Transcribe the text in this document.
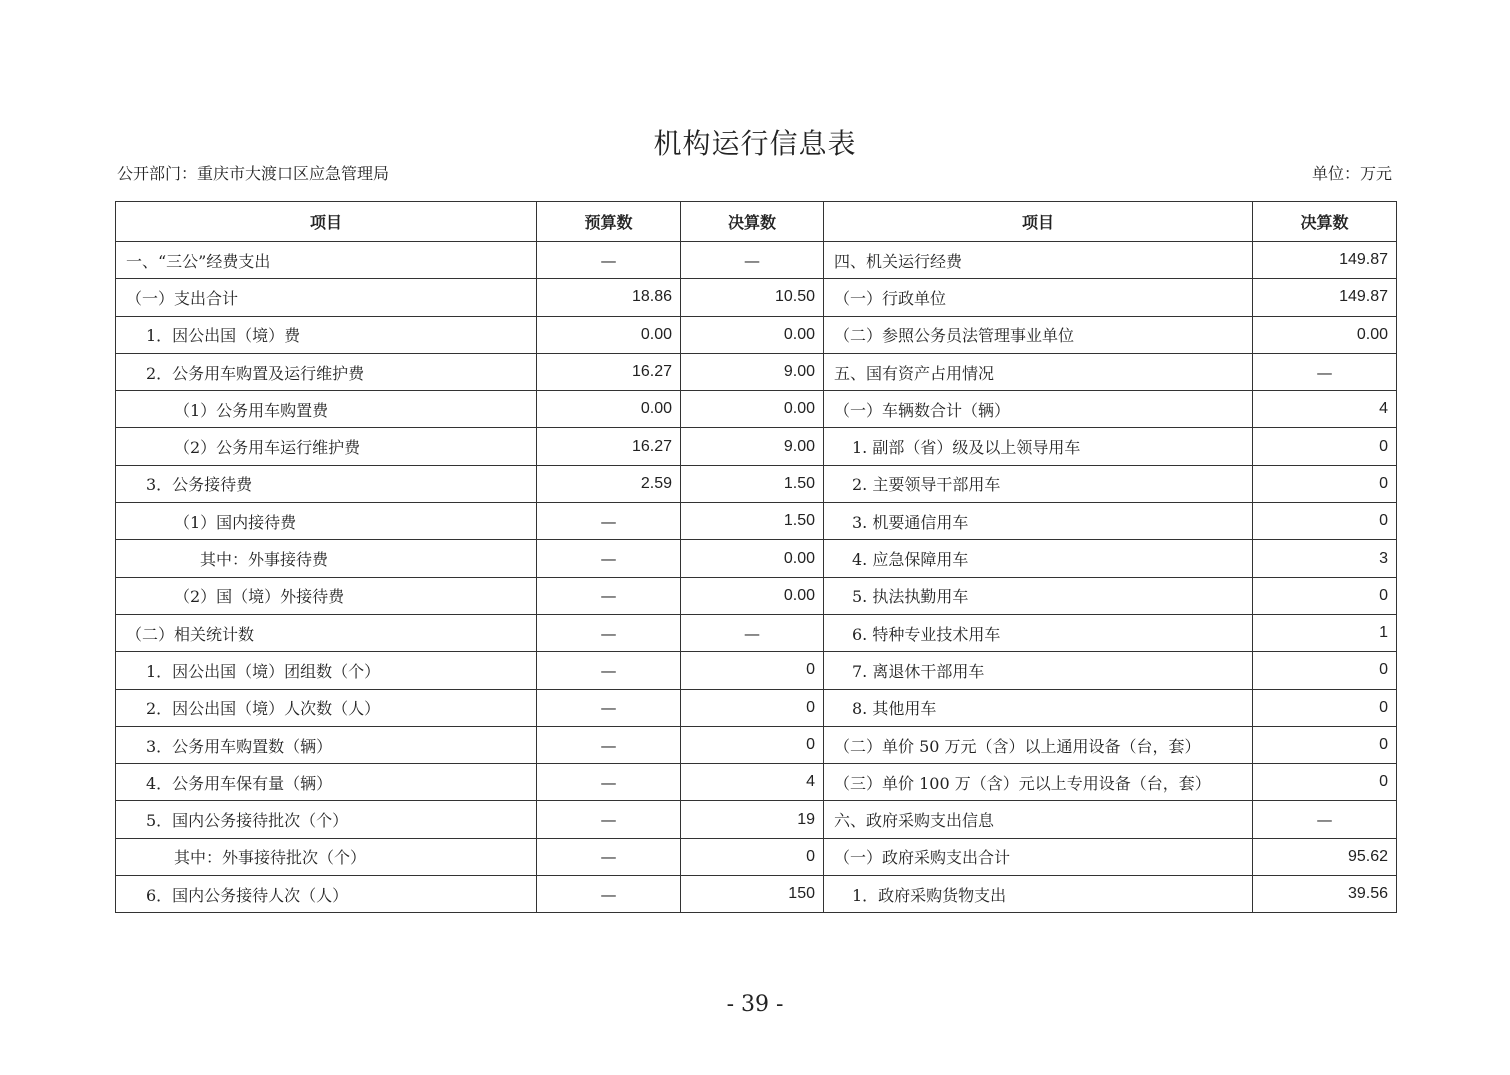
机构运行信息表
公开部门：重庆市大渡口区应急管理局	单位：万元
项目	预算数	决算数	项目	决算数
一、“三公”经费支出	—	—	四、机关运行经费	149.87
（一）支出合计	18.86	10.50	（一）行政单位	149.87
1．因公出国（境）费	0.00	0.00	（二）参照公务员法管理事业单位	0.00
2．公务用车购置及运行维护费	16.27	9.00	五、国有资产占用情况	—
（1）公务用车购置费	0.00	0.00	（一）车辆数合计（辆）	4
（2）公务用车运行维护费	16.27	9.00	1. 副部（省）级及以上领导用车	0
3．公务接待费	2.59	1.50	2. 主要领导干部用车	0
（1）国内接待费	—	1.50	3. 机要通信用车	0
其中：外事接待费	—	0.00	4. 应急保障用车	3
（2）国（境）外接待费	—	0.00	5. 执法执勤用车	0
（二）相关统计数	—	—	6. 特种专业技术用车	1
1．因公出国（境）团组数（个）	—	0	7. 离退休干部用车	0
2．因公出国（境）人次数（人）	—	0	8. 其他用车	0
3．公务用车购置数（辆）	—	0	（二）单价 50 万元（含）以上通用设备（台，套）	0
4．公务用车保有量（辆）	—	4	（三）单价 100 万（含）元以上专用设备（台，套）	0
5．国内公务接待批次（个）	—	19	六、政府采购支出信息	—
其中：外事接待批次（个）	—	0	（一）政府采购支出合计	95.62
6．国内公务接待人次（人）	—	150	1．政府采购货物支出	39.56
- 39 -
